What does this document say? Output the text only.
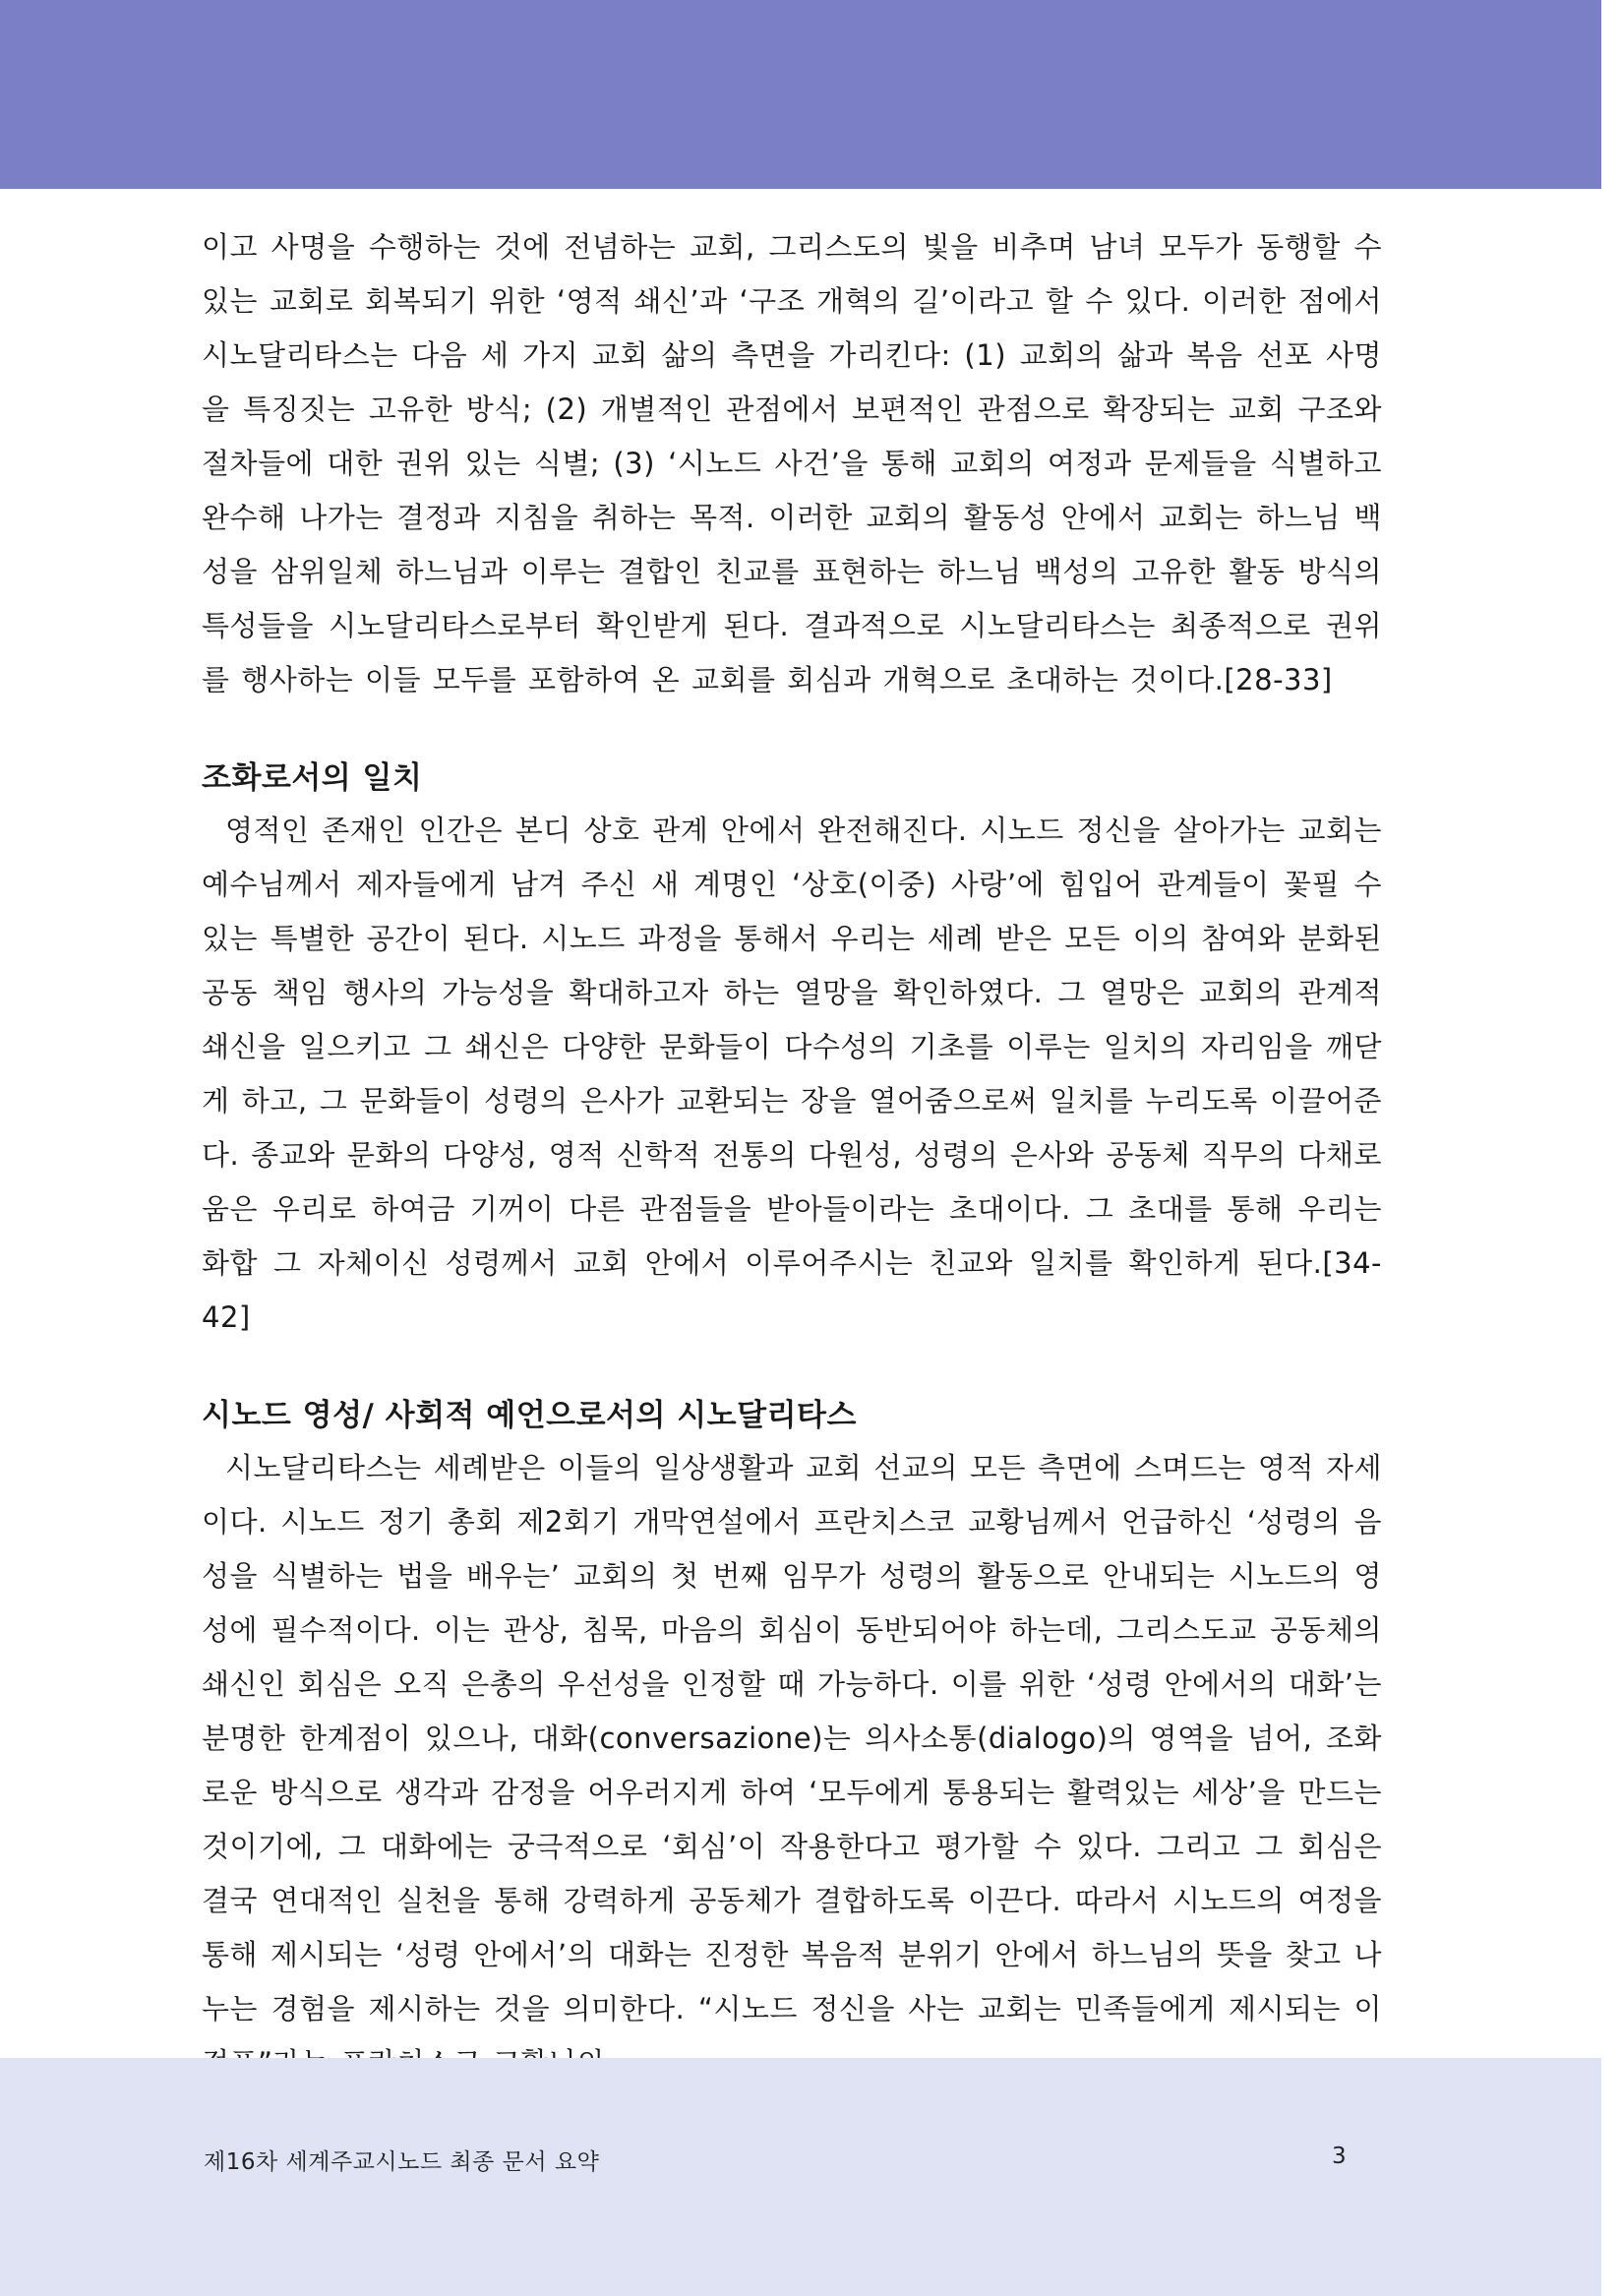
이고 사명을 수행하는 것에 전념하는 교회, 그리스도의 빛을 비추며 남녀 모두가 동행할 수 있는 교회로 회복되기 위한 ‘영적 쇄신’과 ‘구조 개혁의 길’이라고 할 수 있다. 이러한 점에서 시노달리타스는 다음 세 가지 교회 삶의 측면을 가리킨다: (1) 교회의 삶과 복음 선포 사명을 특징짓는 고유한 방식; (2) 개별적인 관점에서 보편적인 관점으로 확장되는 교회 구조와 절차들에 대한 권위 있는 식별; (3) ‘시노드 사건’을 통해 교회의 여정과 문제들을 식별하고 완수해 나가는 결정과 지침을 취하는 목적. 이러한 교회의 활동성 안에서 교회는 하느님 백성을 삼위일체 하느님과 이루는 결합인 친교를 표현하는 하느님 백성의 고유한 활동 방식의 특성들을 시노달리타스로부터 확인받게 된다. 결과적으로 시노달리타스는 최종적으로 권위를 행사하는 이들 모두를 포함하여 온 교회를 회심과 개혁으로 초대하는 것이다.[28-33]

조화로서의 일치

영적인 존재인 인간은 본디 상호 관계 안에서 완전해진다. 시노드 정신을 살아가는 교회는 예수님께서 제자들에게 남겨 주신 새 계명인 ‘상호(이중) 사랑’에 힘입어 관계들이 꽃필 수 있는 특별한 공간이 된다. 시노드 과정을 통해서 우리는 세례 받은 모든 이의 참여와 분화된 공동 책임 행사의 가능성을 확대하고자 하는 열망을 확인하였다. 그 열망은 교회의 관계적 쇄신을 일으키고 그 쇄신은 다양한 문화들이 다수성의 기초를 이루는 일치의 자리임을 깨닫게 하고, 그 문화들이 성령의 은사가 교환되는 장을 열어줌으로써 일치를 누리도록 이끌어준다. 종교와 문화의 다양성, 영적 신학적 전통의 다원성, 성령의 은사와 공동체 직무의 다채로움은 우리로 하여금 기꺼이 다른 관점들을 받아들이라는 초대이다. 그 초대를 통해 우리는 화합 그 자체이신 성령께서 교회 안에서 이루어주시는 친교와 일치를 확인하게 된다.[34-42]

시노드 영성/ 사회적 예언으로서의 시노달리타스

시노달리타스는 세례받은 이들의 일상생활과 교회 선교의 모든 측면에 스며드는 영적 자세이다. 시노드 정기 총회 제2회기 개막연설에서 프란치스코 교황님께서 언급하신 ‘성령의 음성을 식별하는 법을 배우는’ 교회의 첫 번째 임무가 성령의 활동으로 안내되는 시노드의 영성에 필수적이다. 이는 관상, 침묵, 마음의 회심이 동반되어야 하는데, 그리스도교 공동체의 쇄신인 회심은 오직 은총의 우선성을 인정할 때 가능하다. 이를 위한 ‘성령 안에서의 대화’는 분명한 한계점이 있으나, 대화(conversazione)는 의사소통(dialogo)의 영역을 넘어, 조화로운 방식으로 생각과 감정을 어우러지게 하여 ‘모두에게 통용되는 활력있는 세상’을 만드는 것이기에, 그 대화에는 궁극적으로 ‘회심’이 작용한다고 평가할 수 있다. 그리고 그 회심은 결국 연대적인 실천을 통해 강력하게 공동체가 결합하도록 이끈다. 따라서 시노드의 여정을 통해 제시되는 ‘성령 안에서’의 대화는 진정한 복음적 분위기 안에서 하느님의 뜻을 찾고 나누는 경험을 제시하는 것을 의미한다. “시노드 정신을 사는 교회는 민족들에게 제시되는 이

제16차 세계주교시노드 최종 문서 요약	3
